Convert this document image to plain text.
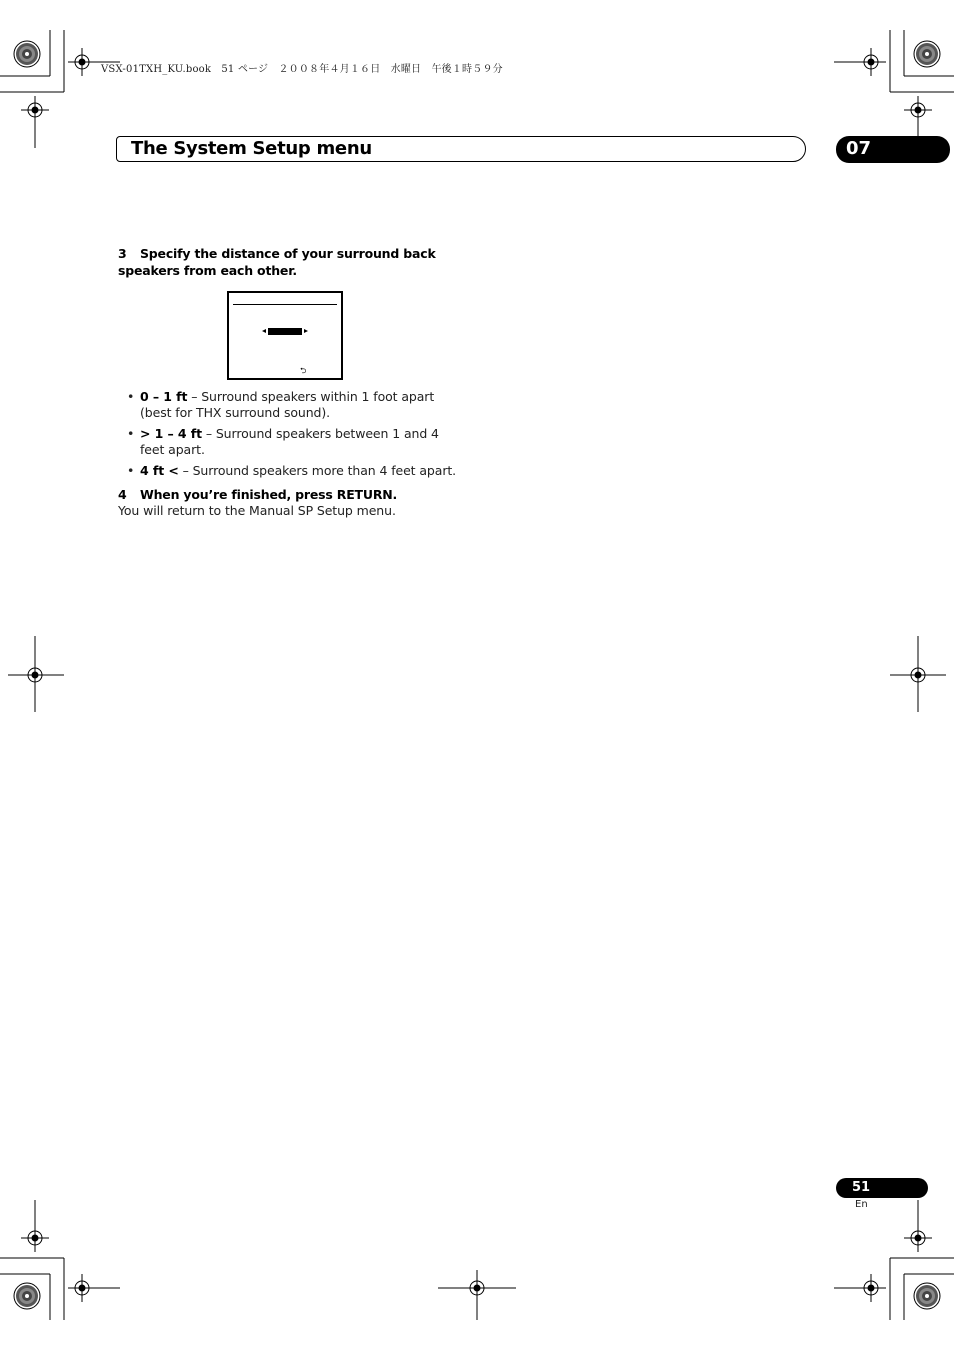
VSX-01TXH_KU.book　51 ページ　２００８年４月１６日　水曜日　午後１時５９分
The System Setup menu	07
3 Specify the distance of your surround back speakers from each other.
⮌
• 0 – 1 ft – Surround speakers within 1 foot apart (best for THX surround sound).
• > 1 – 4 ft – Surround speakers between 1 and 4 feet apart.
• 4 ft < – Surround speakers more than 4 feet apart.
4 When you’re finished, press RETURN.
You will return to the Manual SP Setup menu.
51
En
